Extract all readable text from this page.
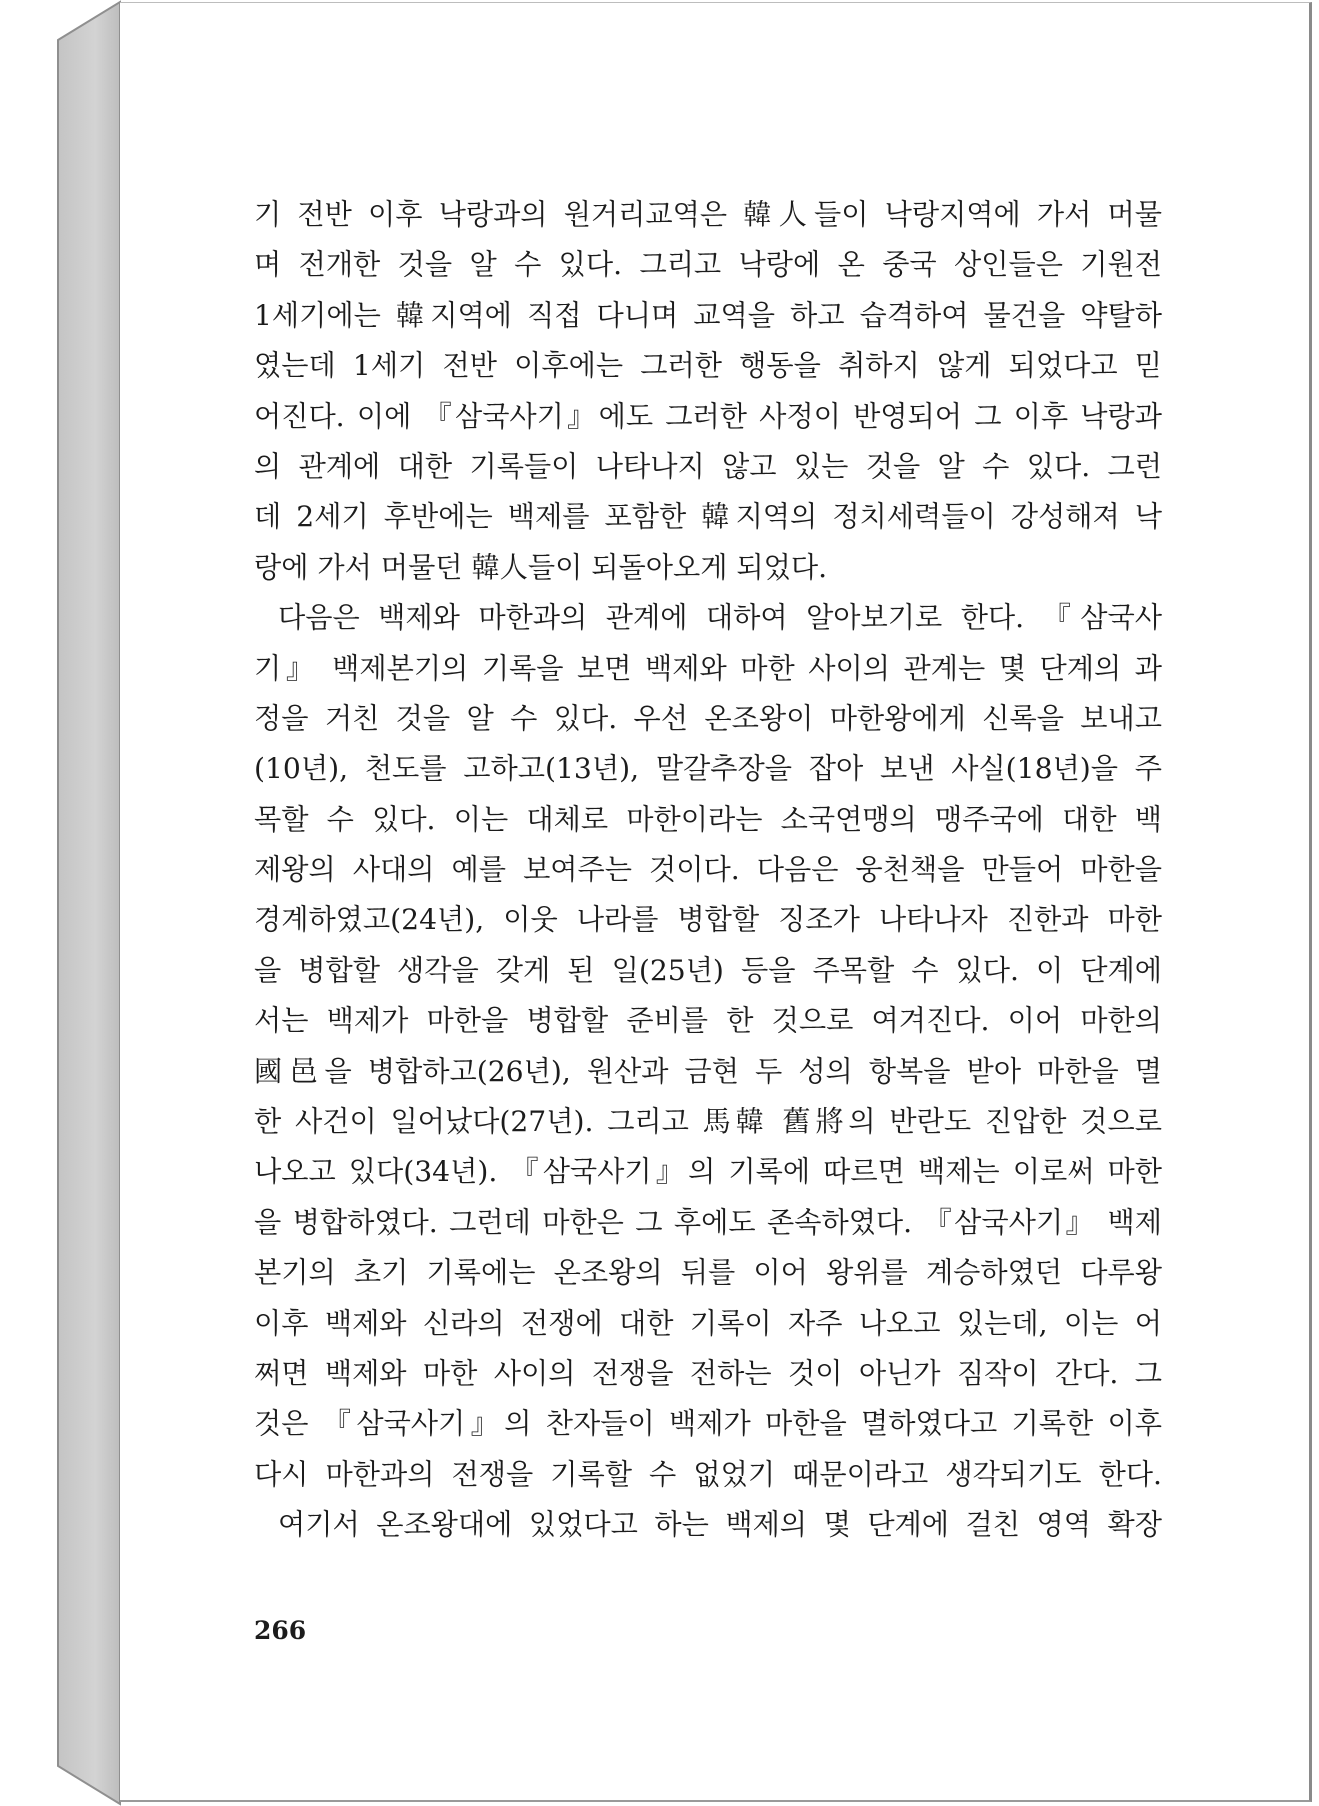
기 전반 이후 낙랑과의 원거리교역은 韓人들이 낙랑지역에 가서 머물
며 전개한 것을 알 수 있다. 그리고 낙랑에 온 중국 상인들은 기원전
1세기에는 韓지역에 직접 다니며 교역을 하고 습격하여 물건을 약탈하
였는데 1세기 전반 이후에는 그러한 행동을 취하지 않게 되었다고 믿
어진다. 이에 『삼국사기』에도 그러한 사정이 반영되어 그 이후 낙랑과
의 관계에 대한 기록들이 나타나지 않고 있는 것을 알 수 있다. 그런
데 2세기 후반에는 백제를 포함한 韓지역의 정치세력들이 강성해져 낙
랑에 가서 머물던 韓人들이 되돌아오게 되었다.
다음은 백제와 마한과의 관계에 대하여 알아보기로 한다. 『삼국사
기』 백제본기의 기록을 보면 백제와 마한 사이의 관계는 몇 단계의 과
정을 거친 것을 알 수 있다. 우선 온조왕이 마한왕에게 신록을 보내고
(10년), 천도를 고하고(13년), 말갈추장을 잡아 보낸 사실(18년)을 주
목할 수 있다. 이는 대체로 마한이라는 소국연맹의 맹주국에 대한 백
제왕의 사대의 예를 보여주는 것이다. 다음은 웅천책을 만들어 마한을
경계하였고(24년), 이웃 나라를 병합할 징조가 나타나자 진한과 마한
을 병합할 생각을 갖게 된 일(25년) 등을 주목할 수 있다. 이 단계에
서는 백제가 마한을 병합할 준비를 한 것으로 여겨진다. 이어 마한의
國邑을 병합하고(26년), 원산과 금현 두 성의 항복을 받아 마한을 멸
한 사건이 일어났다(27년). 그리고 馬韓 舊將의 반란도 진압한 것으로
나오고 있다(34년). 『삼국사기』의 기록에 따르면 백제는 이로써 마한
을 병합하였다. 그런데 마한은 그 후에도 존속하였다. 『삼국사기』 백제
본기의 초기 기록에는 온조왕의 뒤를 이어 왕위를 계승하였던 다루왕
이후 백제와 신라의 전쟁에 대한 기록이 자주 나오고 있는데, 이는 어
쩌면 백제와 마한 사이의 전쟁을 전하는 것이 아닌가 짐작이 간다. 그
것은 『삼국사기』의 찬자들이 백제가 마한을 멸하였다고 기록한 이후
다시 마한과의 전쟁을 기록할 수 없었기 때문이라고 생각되기도 한다.
여기서 온조왕대에 있었다고 하는 백제의 몇 단계에 걸친 영역 확장
266
